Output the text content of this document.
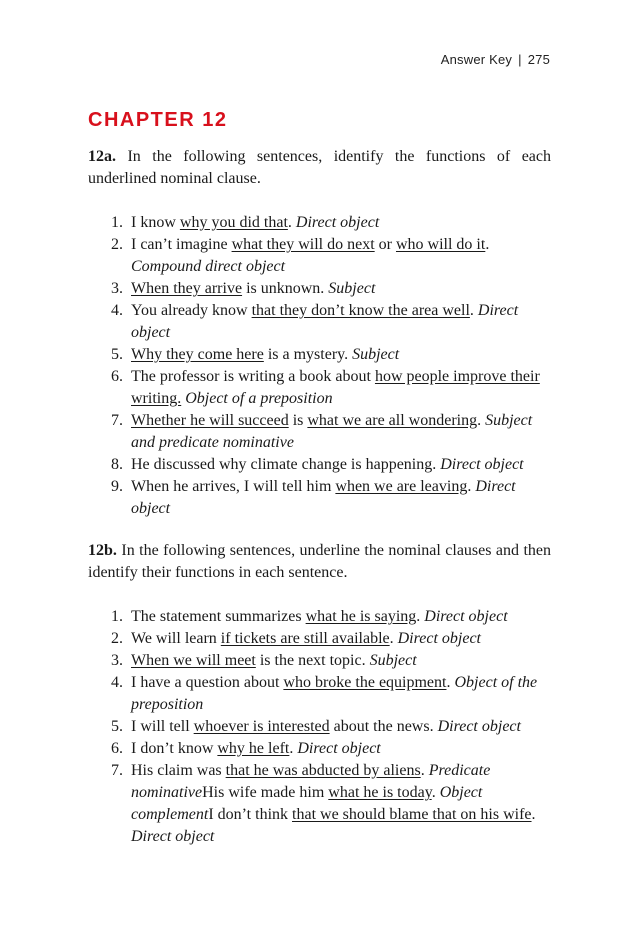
Answer Key | 275
CHAPTER 12

12a. In the following sentences, identify the functions of each underlined nominal clause.

1. I know why you did that. Direct object
2. I can’t imagine what they will do next or who will do it. Compound direct object
3. When they arrive is unknown. Subject
4. You already know that they don’t know the area well. Direct object
5. Why they come here is a mystery. Subject
6. The professor is writing a book about how people improve their writing. Object of a preposition
7. Whether he will succeed is what we are all wondering. Subject and predicate nominative
8. He discussed why climate change is happening. Direct object
9. When he arrives, I will tell him when we are leaving. Direct object

12b. In the following sentences, underline the nominal clauses and then identify their functions in each sentence.

1. The statement summarizes what he is saying. Direct object
2. We will learn if tickets are still available. Direct object
3. When we will meet is the next topic. Subject
4. I have a question about who broke the equipment. Object of the preposition
5. I will tell whoever is interested about the news. Direct object
6. I don’t know why he left. Direct object
7. His claim was that he was abducted by aliens. Predicate nominativeHis wife made him what he is today. Object complementI don’t think that we should blame that on his wife. Direct object
